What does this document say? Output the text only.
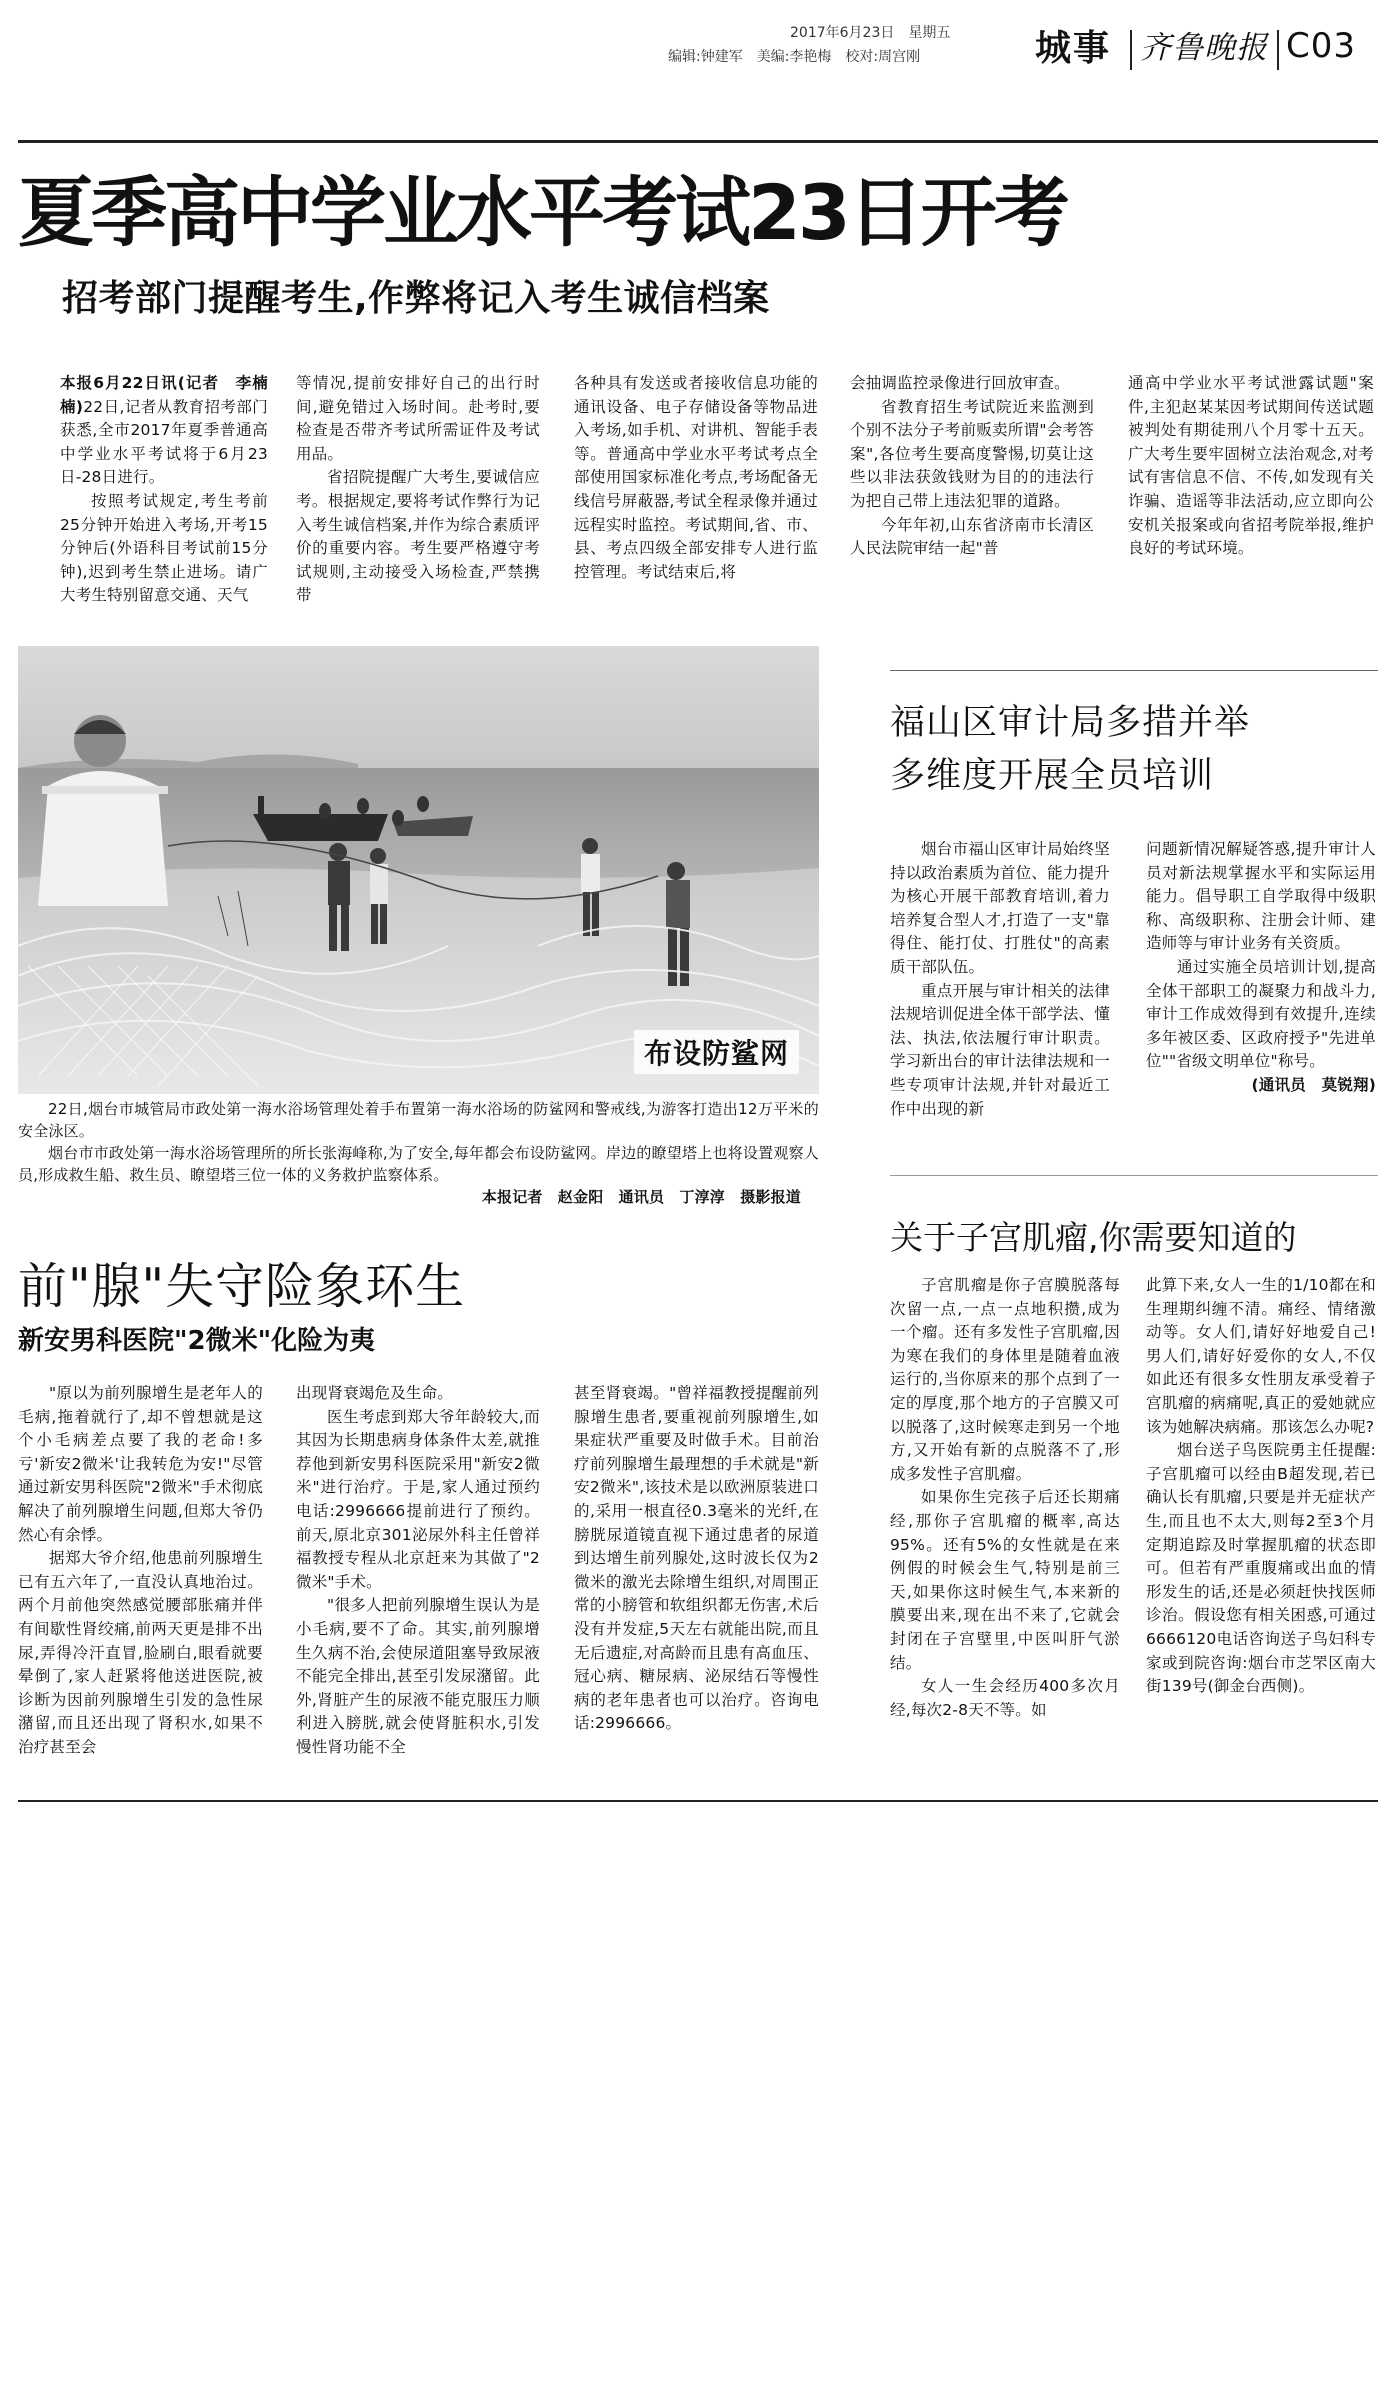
2017年6月23日　星期五
编辑:钟建军　美编:李艳梅　校对:周宫刚	城事 齐鲁晚报 C03
夏季高中学业水平考试23日开考
招考部门提醒考生,作弊将记入考生诚信档案

本报6月22日讯(记者　李楠楠)22日,记者从教育招考部门获悉,全市2017年夏季普通高中学业水平考试将于6月23日-28日进行。

按照考试规定,考生考前25分钟开始进入考场,开考15分钟后(外语科目考试前15分钟),迟到考生禁止进场。请广大考生特别留意交通、天气

等情况,提前安排好自己的出行时间,避免错过入场时间。赴考时,要检查是否带齐考试所需证件及考试用品。

省招院提醒广大考生,要诚信应考。根据规定,要将考试作弊行为记入考生诚信档案,并作为综合素质评价的重要内容。考生要严格遵守考试规则,主动接受入场检查,严禁携带

各种具有发送或者接收信息功能的通讯设备、电子存储设备等物品进入考场,如手机、对讲机、智能手表等。普通高中学业水平考试考点全部使用国家标准化考点,考场配备无线信号屏蔽器,考试全程录像并通过远程实时监控。考试期间,省、市、县、考点四级全部安排专人进行监控管理。考试结束后,将

会抽调监控录像进行回放审查。

省教育招生考试院近来监测到个别不法分子考前贩卖所谓"会考答案",各位考生要高度警惕,切莫让这些以非法获敛钱财为目的的违法行为把自己带上违法犯罪的道路。

今年年初,山东省济南市长清区人民法院审结一起"普

通高中学业水平考试泄露试题"案件,主犯赵某某因考试期间传送试题被判处有期徒刑八个月零十五天。广大考生要牢固树立法治观念,对考试有害信息不信、不传,如发现有关诈骗、造谣等非法活动,应立即向公安机关报案或向省招考院举报,维护良好的考试环境。

布设防鲨网

22日,烟台市城管局市政处第一海水浴场管理处着手布置第一海水浴场的防鲨网和警戒线,为游客打造出12万平米的安全泳区。

烟台市市政处第一海水浴场管理所的所长张海峰称,为了安全,每年都会布设防鲨网。岸边的瞭望塔上也将设置观察人员,形成救生船、救生员、瞭望塔三位一体的义务救护监察体系。

本报记者　赵金阳　通讯员　丁淳淳　摄影报道
福山区审计局多措并举
多维度开展全员培训

烟台市福山区审计局始终坚持以政治素质为首位、能力提升为核心开展干部教育培训,着力培养复合型人才,打造了一支"靠得住、能打仗、打胜仗"的高素质干部队伍。

重点开展与审计相关的法律法规培训促进全体干部学法、懂法、执法,依法履行审计职责。学习新出台的审计法律法规和一些专项审计法规,并针对最近工作中出现的新

问题新情况解疑答惑,提升审计人员对新法规掌握水平和实际运用能力。倡导职工自学取得中级职称、高级职称、注册会计师、建造师等与审计业务有关资质。

通过实施全员培训计划,提高全体干部职工的凝聚力和战斗力,审计工作成效得到有效提升,连续多年被区委、区政府授予"先进单位""省级文明单位"称号。

(通讯员　莫锐翔)
前"腺"失守险象环生
新安男科医院"2微米"化险为夷

"原以为前列腺增生是老年人的毛病,拖着就行了,却不曾想就是这个小毛病差点要了我的老命!多亏'新安2微米'让我转危为安!"尽管通过新安男科医院"2微米"手术彻底解决了前列腺增生问题,但郑大爷仍然心有余悸。

据郑大爷介绍,他患前列腺增生已有五六年了,一直没认真地治过。两个月前他突然感觉腰部胀痛并伴有间歇性肾绞痛,前两天更是排不出尿,弄得冷汗直冒,脸刷白,眼看就要晕倒了,家人赶紧将他送进医院,被诊断为因前列腺增生引发的急性尿潴留,而且还出现了肾积水,如果不治疗甚至会

出现肾衰竭危及生命。

医生考虑到郑大爷年龄较大,而其因为长期患病身体条件太差,就推荐他到新安男科医院采用"新安2微米"进行治疗。于是,家人通过预约电话:2996666提前进行了预约。前天,原北京301泌尿外科主任曾祥福教授专程从北京赶来为其做了"2微米"手术。

"很多人把前列腺增生误认为是小毛病,要不了命。其实,前列腺增生久病不治,会使尿道阻塞导致尿液不能完全排出,甚至引发尿潴留。此外,肾脏产生的尿液不能克服压力顺利进入膀胱,就会使肾脏积水,引发慢性肾功能不全

甚至肾衰竭。"曾祥福教授提醒前列腺增生患者,要重视前列腺增生,如果症状严重要及时做手术。目前治疗前列腺增生最理想的手术就是"新安2微米",该技术是以欧洲原装进口的,采用一根直径0.3毫米的光纤,在膀胱尿道镜直视下通过患者的尿道到达增生前列腺处,这时波长仅为2微米的激光去除增生组织,对周围正常的小膀管和软组织都无伤害,术后没有并发症,5天左右就能出院,而且无后遗症,对高龄而且患有高血压、冠心病、糖尿病、泌尿结石等慢性病的老年患者也可以治疗。咨询电话:2996666。

关于子宫肌瘤,你需要知道的

子宫肌瘤是你子宫膜脱落每次留一点,一点一点地积攒,成为一个瘤。还有多发性子宫肌瘤,因为寒在我们的身体里是随着血液运行的,当你原来的那个点到了一定的厚度,那个地方的子宫膜又可以脱落了,这时候寒走到另一个地方,又开始有新的点脱落不了,形成多发性子宫肌瘤。

如果你生完孩子后还长期痛经,那你子宫肌瘤的概率,高达95%。还有5%的女性就是在来例假的时候会生气,特别是前三天,如果你这时候生气,本来新的膜要出来,现在出不来了,它就会封闭在子宫壁里,中医叫肝气淤结。

女人一生会经历400多次月经,每次2-8天不等。如

此算下来,女人一生的1/10都在和生理期纠缠不清。痛经、情绪激动等。女人们,请好好地爱自己!男人们,请好好爱你的女人,不仅如此还有很多女性朋友承受着子宫肌瘤的病痛呢,真正的爱她就应该为她解决病痛。那该怎么办呢?

烟台送子鸟医院勇主任提醒:子宫肌瘤可以经由B超发现,若已确认长有肌瘤,只要是并无症状产生,而且也不太大,则每2至3个月定期追踪及时掌握肌瘤的状态即可。但若有严重腹痛或出血的情形发生的话,还是必须赶快找医师诊治。假设您有相关困惑,可通过6666120电话咨询送子鸟妇科专家或到院咨询:烟台市芝罘区南大街139号(御金台西侧)。
